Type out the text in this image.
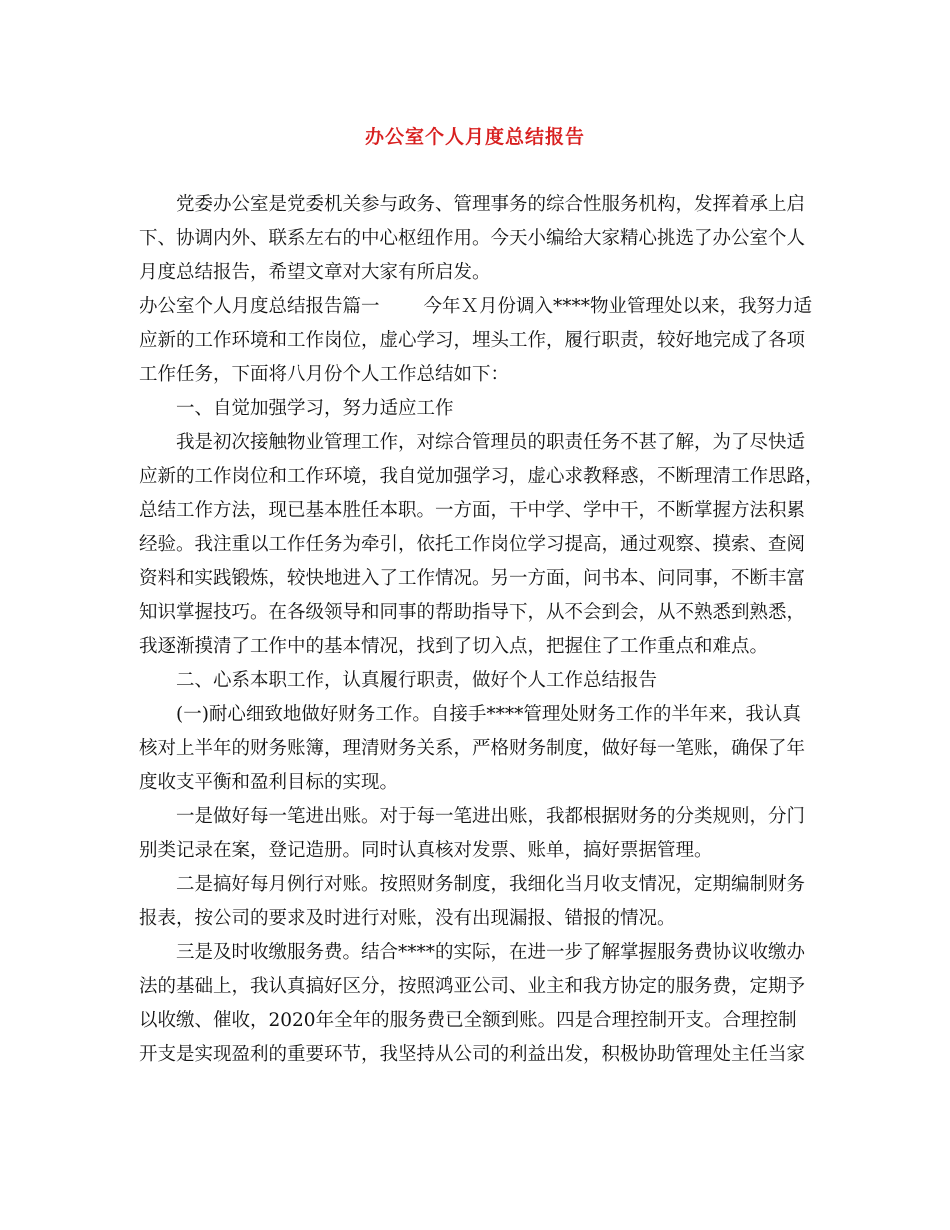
办公室个人月度总结报告
党委办公室是党委机关参与政务、管理事务的综合性服务机构，发挥着承上启
下、协调内外、联系左右的中心枢纽作用。今天小编给大家精心挑选了办公室个人
月度总结报告，希望文章对大家有所启发。
办公室个人月度总结报告篇一 今年Ｘ月份调入****物业管理处以来，我努力适
应新的工作环境和工作岗位，虚心学习，埋头工作，履行职责，较好地完成了各项
工作任务，下面将八月份个人工作总结如下：
一、自觉加强学习，努力适应工作
我是初次接触物业管理工作，对综合管理员的职责任务不甚了解，为了尽快适
应新的工作岗位和工作环境，我自觉加强学习，虚心求教释惑，不断理清工作思路，
总结工作方法，现已基本胜任本职。一方面，干中学、学中干，不断掌握方法积累
经验。我注重以工作任务为牵引，依托工作岗位学习提高，通过观察、摸索、查阅
资料和实践锻炼，较快地进入了工作情况。另一方面，问书本、问同事，不断丰富
知识掌握技巧。在各级领导和同事的帮助指导下，从不会到会，从不熟悉到熟悉，
我逐渐摸清了工作中的基本情况，找到了切入点，把握住了工作重点和难点。
二、心系本职工作，认真履行职责，做好个人工作总结报告
(一)耐心细致地做好财务工作。自接手****管理处财务工作的半年来，我认真
核对上半年的财务账簿，理清财务关系，严格财务制度，做好每一笔账，确保了年
度收支平衡和盈利目标的实现。
一是做好每一笔进出账。对于每一笔进出账，我都根据财务的分类规则，分门
别类记录在案，登记造册。同时认真核对发票、账单，搞好票据管理。
二是搞好每月例行对账。按照财务制度，我细化当月收支情况，定期编制财务
报表，按公司的要求及时进行对账，没有出现漏报、错报的情况。
三是及时收缴服务费。结合****的实际，在进一步了解掌握服务费协议收缴办
法的基础上，我认真搞好区分，按照鸿亚公司、业主和我方协定的服务费，定期予
以收缴、催收，2020年全年的服务费已全额到账。四是合理控制开支。合理控制
开支是实现盈利的重要环节，我坚持从公司的利益出发，积极协助管理处主任当家
